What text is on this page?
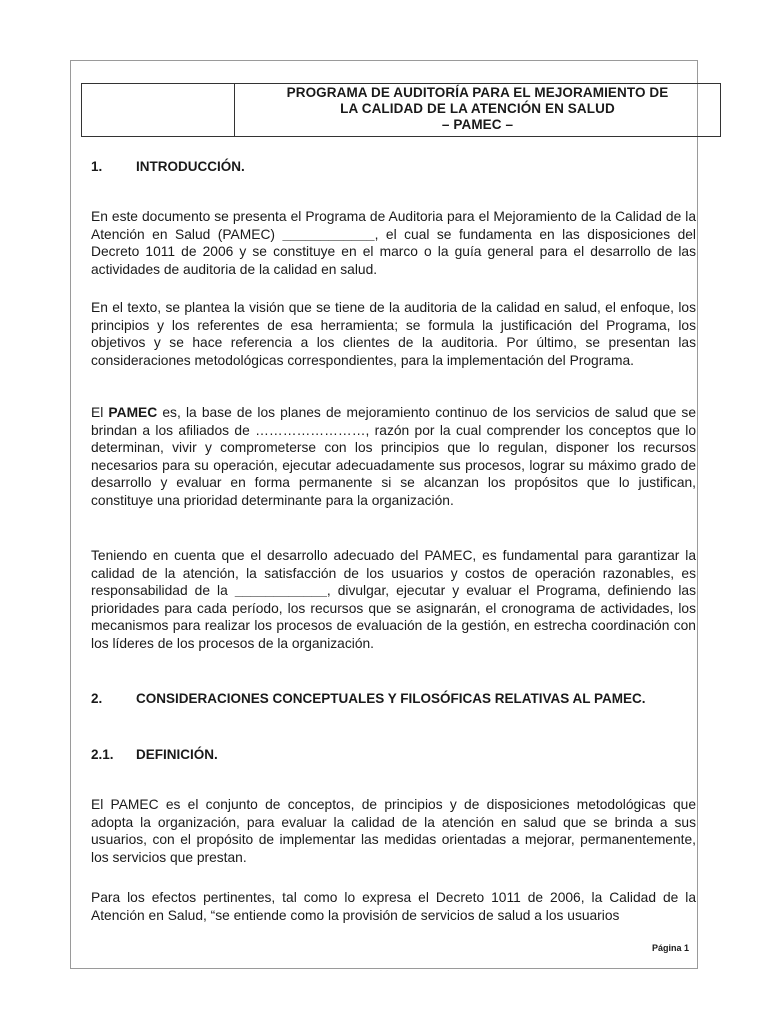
PROGRAMA DE AUDITORÍA PARA EL MEJORAMIENTO DE
LA CALIDAD DE LA ATENCIÓN EN SALUD
– PAMEC –
1. INTRODUCCIÓN.

En este documento se presenta el Programa de Auditoria para el Mejoramiento de la Calidad de la Atención en Salud (PAMEC) ____________, el cual se fundamenta en las disposiciones del Decreto 1011 de 2006 y se constituye en el marco o la guía general para el desarrollo de las actividades de auditoria de la calidad en salud.

En el texto, se plantea la visión que se tiene de la auditoria de la calidad en salud, el enfoque, los principios y los referentes de esa herramienta; se formula la justificación del Programa, los objetivos y se hace referencia a los clientes de la auditoria. Por último, se presentan las consideraciones metodológicas correspondientes, para la implementación del Programa.

El PAMEC es, la base de los planes de mejoramiento continuo de los servicios de salud que se brindan a los afiliados de ……………………, razón por la cual comprender los conceptos que lo determinan, vivir y comprometerse con los principios que lo regulan, disponer los recursos necesarios para su operación, ejecutar adecuadamente sus procesos, lograr su máximo grado de desarrollo y evaluar en forma permanente si se alcanzan los propósitos que lo justifican, constituye una prioridad determinante para la organización.

Teniendo en cuenta que el desarrollo adecuado del PAMEC, es fundamental para garantizar la calidad de la atención, la satisfacción de los usuarios y costos de operación razonables, es responsabilidad de la ____________, divulgar, ejecutar y evaluar el Programa, definiendo las prioridades para cada período, los recursos que se asignarán, el cronograma de actividades, los mecanismos para realizar los procesos de evaluación de la gestión, en estrecha coordinación con los líderes de los procesos de la organización.

2. CONSIDERACIONES CONCEPTUALES Y FILOSÓFICAS RELATIVAS AL PAMEC.
2.1. DEFINICIÓN.

El PAMEC es el conjunto de conceptos, de principios y de disposiciones metodológicas que adopta la organización, para evaluar la calidad de la atención en salud que se brinda a sus usuarios, con el propósito de implementar las medidas orientadas a mejorar, permanentemente, los servicios que prestan.

Para los efectos pertinentes, tal como lo expresa el Decreto 1011 de 2006, la Calidad de la Atención en Salud, “se entiende como la provisión de servicios de salud a los usuarios

Página 1
